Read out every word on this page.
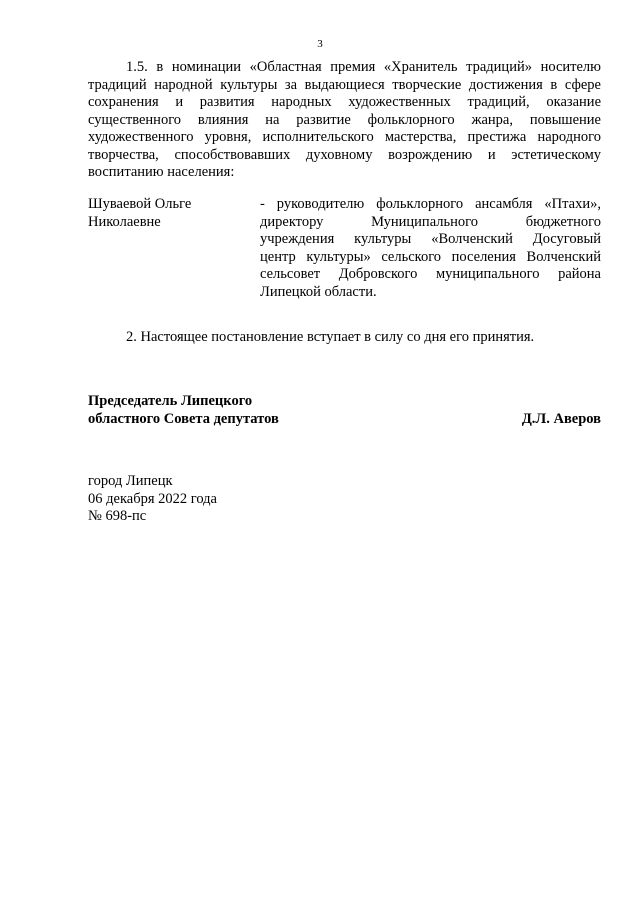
3
1.5. в номинации «Областная премия «Хранитель традиций» носителю
традиций народной культуры за выдающиеся творческие достижения в сфере
сохранения и развития народных художественных традиций, оказание
существенного влияния на развитие фольклорного жанра, повышение
художественного уровня, исполнительского мастерства, престижа народного
творчества, способствовавших духовному возрождению и эстетическому
воспитанию населения:
Шуваевой Ольге
Николаевне
- руководителю фольклорного ансамбля «Птахи»,
директору Муниципального бюджетного
учреждения культуры «Волченский Досуговый
центр культуры» сельского поселения Волченский
сельсовет Добровского муниципального района
Липецкой области.
2. Настоящее постановление вступает в силу со дня его принятия.
Председатель Липецкого
областного Совета депутатов	Д.Л. Аверов
город Липецк
06 декабря 2022 года
№ 698-пс
